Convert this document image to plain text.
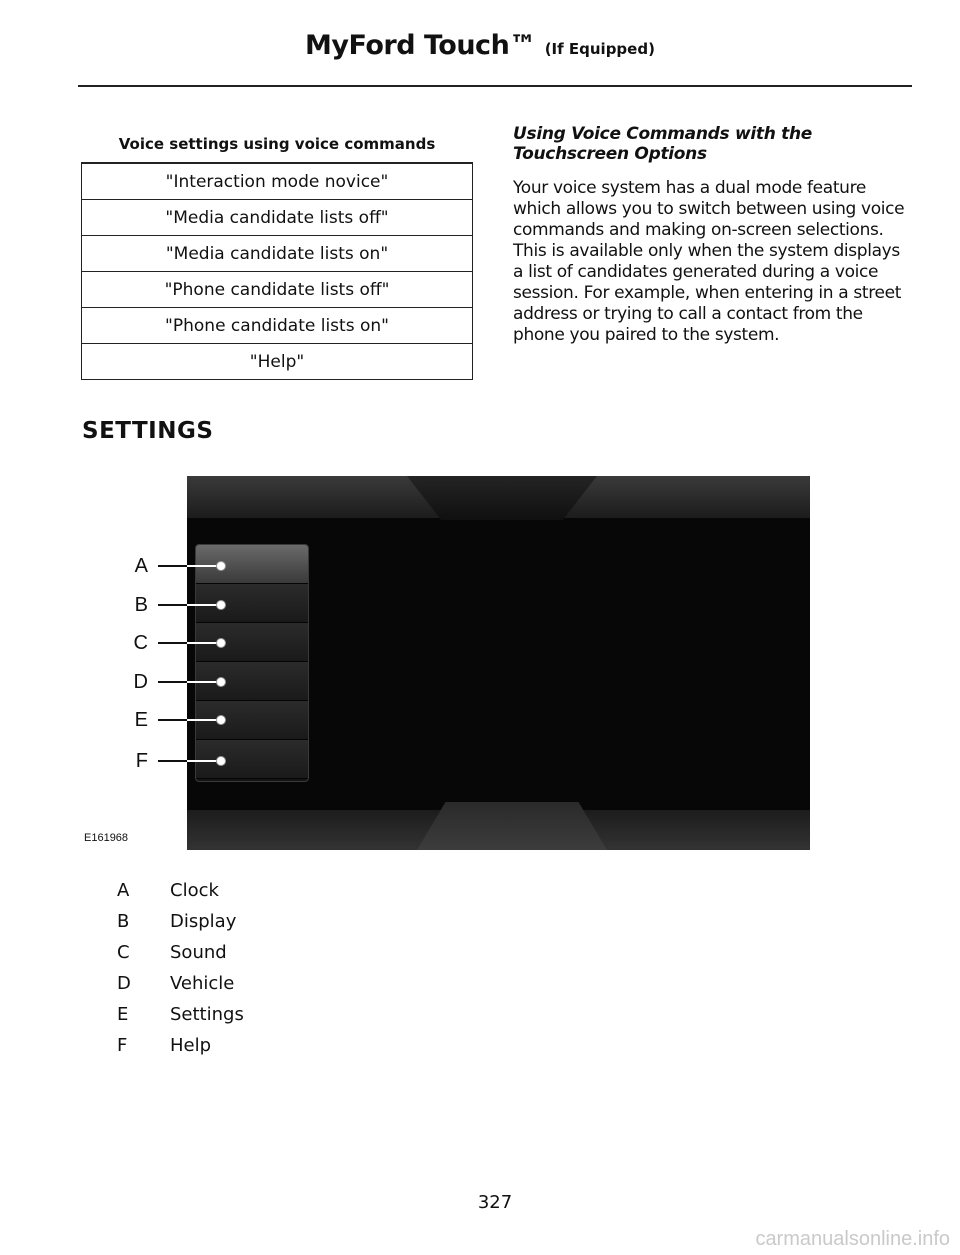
MyFord Touch™ (If Equipped)
Voice settings using voice commands
"Interaction mode novice"
"Media candidate lists off"
"Media candidate lists on"
"Phone candidate lists off"
"Phone candidate lists on"
"Help"
Using Voice Commands with the Touchscreen Options

Your voice system has a dual mode feature which allows you to switch between using voice commands and making on-screen selections. This is available only when the system displays a list of candidates generated during a voice session. For example, when entering in a street address or trying to call a contact from the phone you paired to the system.

SETTINGS
A
B
C
D
E
F
E161968
A Clock
B Display
C Sound
D Vehicle
E Settings
F Help
327
carmanualsonline.info
